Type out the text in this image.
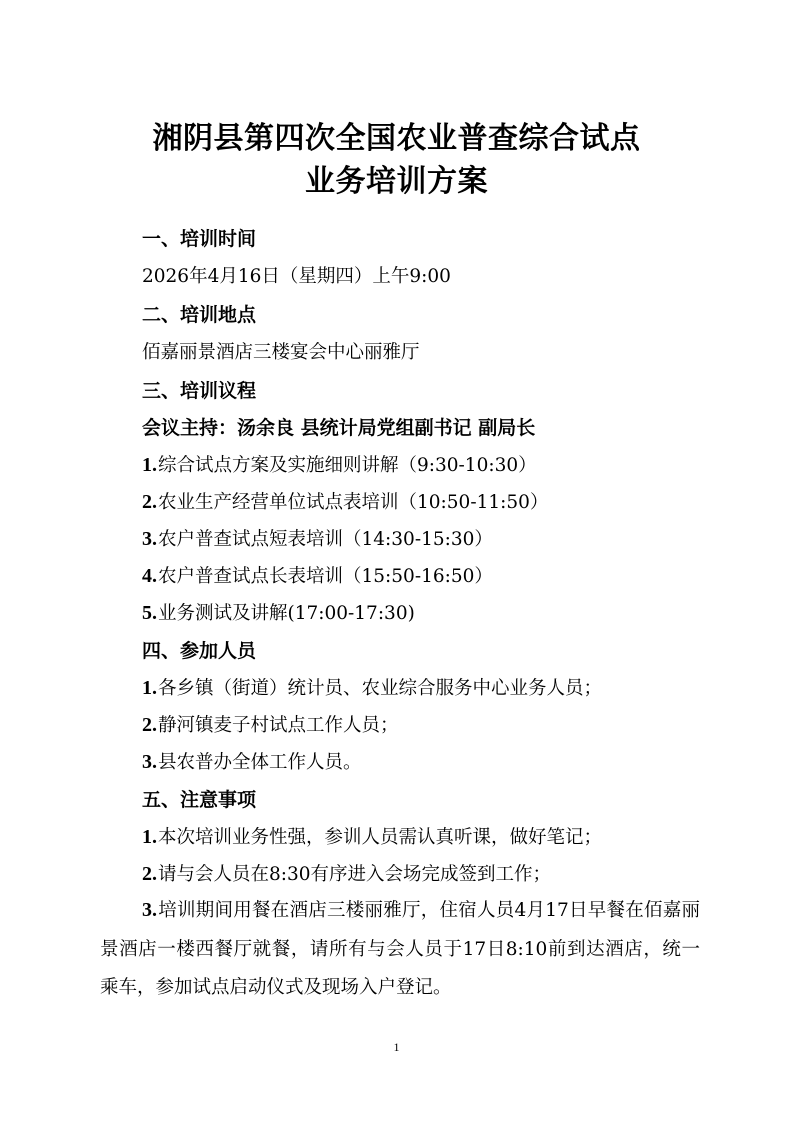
湘阴县第四次全国农业普查综合试点
业务培训方案
一、培训时间
2026年4月16日（星期四）上午9:00
二、培训地点
佰嘉丽景酒店三楼宴会中心丽雅厅
三、培训议程
会议主持：汤余良 县统计局党组副书记 副局长
1.综合试点方案及实施细则讲解（9:30-10:30）
2.农业生产经营单位试点表培训（10:50-11:50）
3.农户普查试点短表培训（14:30-15:30）
4.农户普查试点长表培训（15:50-16:50）
5.业务测试及讲解(17:00-17:30)
四、参加人员
1.各乡镇（街道）统计员、农业综合服务中心业务人员；
2.静河镇麦子村试点工作人员；
3.县农普办全体工作人员。
五、注意事项
1.本次培训业务性强，参训人员需认真听课，做好笔记；
2.请与会人员在8:30有序进入会场完成签到工作；
3.培训期间用餐在酒店三楼丽雅厅，住宿人员4月17日早餐在佰嘉丽景酒店一楼西餐厅就餐，请所有与会人员于17日8:10前到达酒店，统一乘车，参加试点启动仪式及现场入户登记。
1
